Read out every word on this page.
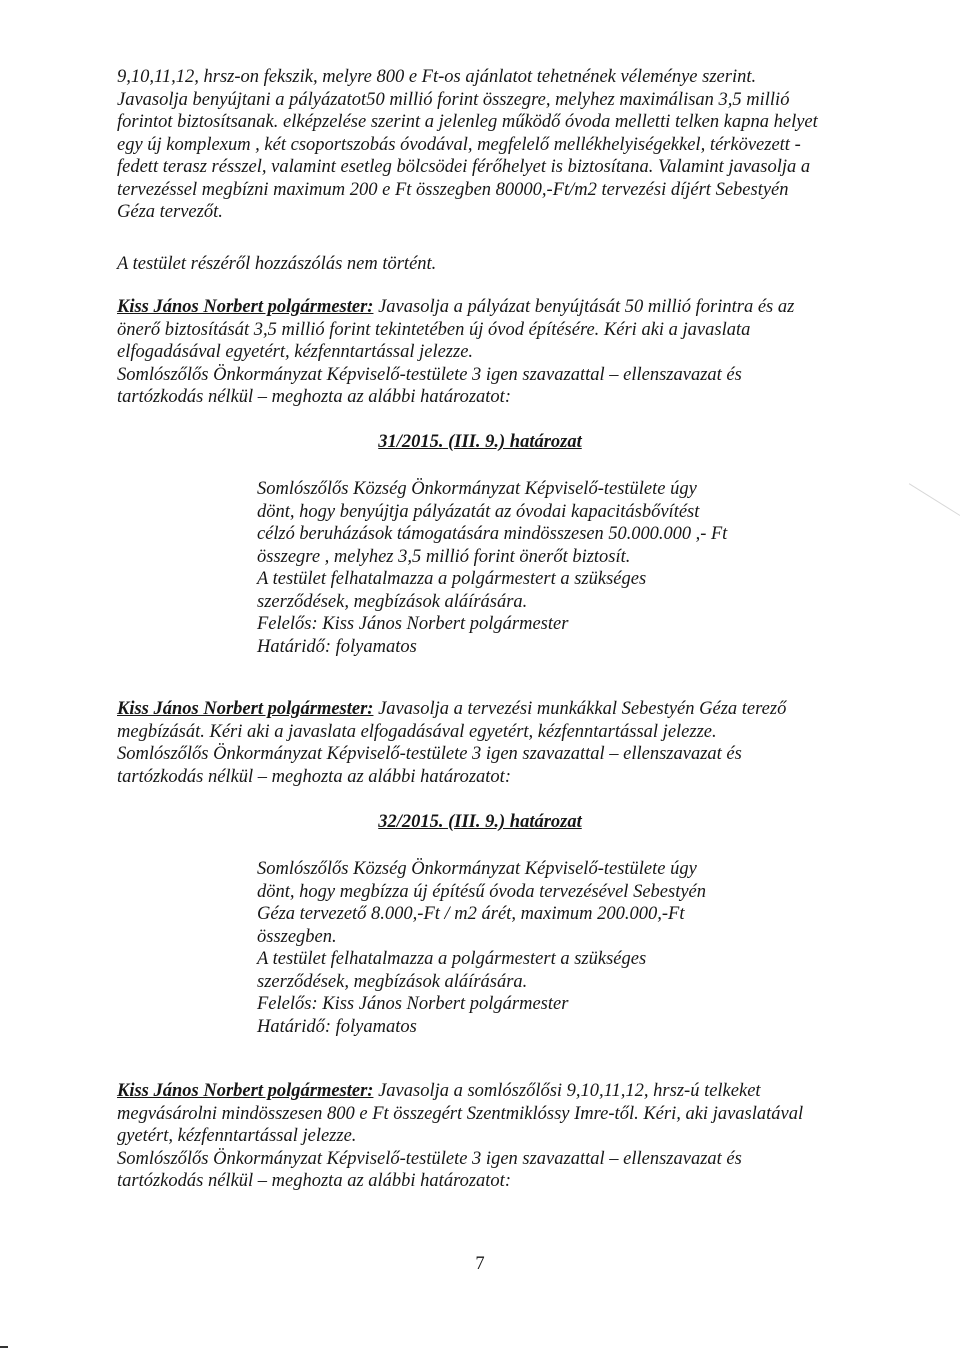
9,10,11,12, hrsz-on fekszik, melyre 800 e Ft-os ajánlatot tehetnének véleménye szerint.
Javasolja benyújtani a pályázatot50 millió forint összegre, melyhez maximálisan 3,5 millió
forintot biztosítsanak. elképzelése szerint a jelenleg működő óvoda melletti telken kapna helyet
egy új komplexum , két csoportszobás óvodával, megfelelő mellékhelyiségekkel, térkövezett -
fedett terasz résszel, valamint esetleg bölcsödei férőhelyet is biztosítana. Valamint javasolja a
tervezéssel megbízni maximum 200 e Ft összegben 80000,-Ft/m2 tervezési díjért Sebestyén
Géza tervezőt.
A testület részéről hozzászólás nem történt.
Kiss János Norbert polgármester: Javasolja a pályázat benyújtását 50 millió forintra és az
önerő biztosítását 3,5 millió forint tekintetében új óvod építésére. Kéri aki a javaslata
elfogadásával egyetért, kézfenntartással jelezze.
Somlószőlős Önkormányzat Képviselő-testülete 3 igen szavazattal – ellenszavazat és
tartózkodás nélkül – meghozta az alábbi határozatot:
31/2015. (III. 9.) határozat
Somlószőlős Község Önkormányzat Képviselő-testülete úgy
dönt, hogy benyújtja pályázatát az óvodai kapacitásbővítést
célzó beruházások támogatására mindösszesen 50.000.000 ,- Ft
összegre , melyhez 3,5 millió forint önerőt biztosít.
A testület felhatalmazza a polgármestert a szükséges
szerződések, megbízások aláírására.
Felelős: Kiss János Norbert polgármester
Határidő: folyamatos
Kiss János Norbert polgármester: Javasolja a tervezési munkákkal Sebestyén Géza terező
megbízását. Kéri aki a javaslata elfogadásával egyetért, kézfenntartással jelezze.
Somlószőlős Önkormányzat Képviselő-testülete 3 igen szavazattal – ellenszavazat és
tartózkodás nélkül – meghozta az alábbi határozatot:
32/2015. (III. 9.) határozat
Somlószőlős Község Önkormányzat Képviselő-testülete úgy
dönt, hogy megbízza új építésű óvoda tervezésével Sebestyén
Géza tervezető 8.000,-Ft / m2 árét, maximum 200.000,-Ft
összegben.
A testület felhatalmazza a polgármestert a szükséges
szerződések, megbízások aláírására.
Felelős: Kiss János Norbert polgármester
Határidő: folyamatos
Kiss János Norbert polgármester: Javasolja a somlószőlősi 9,10,11,12, hrsz-ú telkeket
megvásárolni mindösszesen 800 e Ft összegért Szentmiklóssy Imre-től. Kéri, aki javaslatával
gyetért, kézfenntartással jelezze.
Somlószőlős Önkormányzat Képviselő-testülete 3 igen szavazattal – ellenszavazat és
tartózkodás nélkül – meghozta az alábbi határozatot:
7
